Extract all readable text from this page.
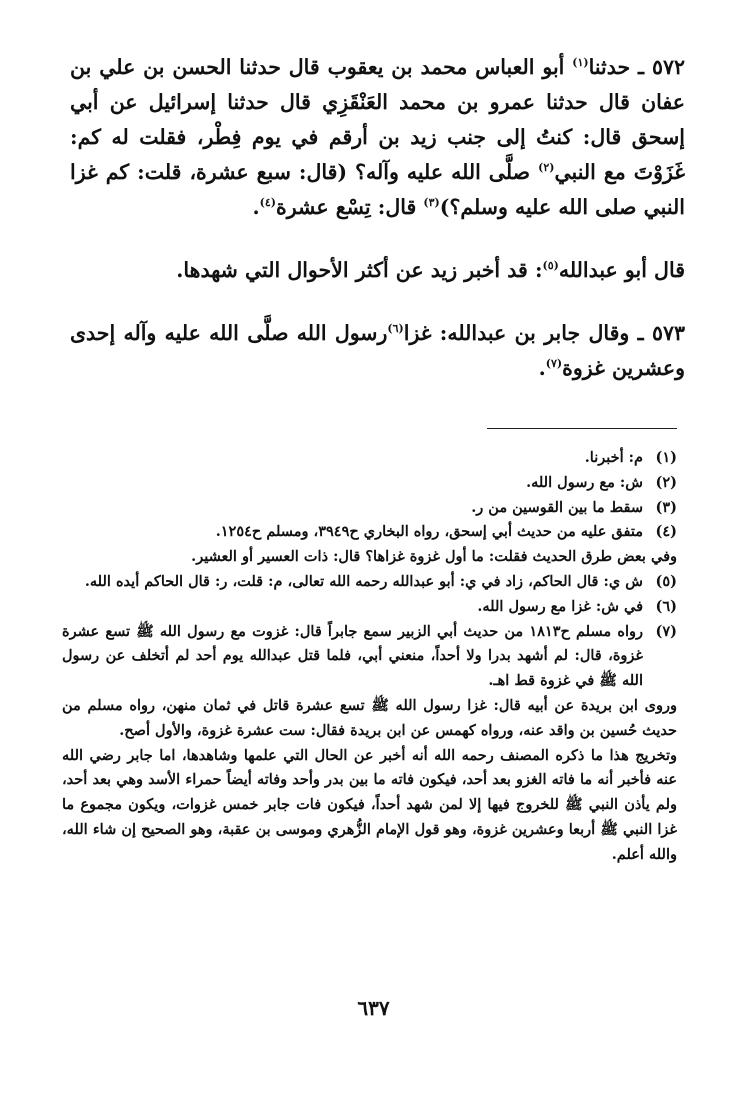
٥٧٢ ـ حدثنا$^{(١)}$ أبو العباس محمد بن يعقوب قال حدثنا الحسن بن علي بن عفان قال حدثنا عمرو بن محمد العَنْقَزِي قال حدثنا إسرائيل عن أبي إسحق قال: كنتُ إلى جنب زيد بن أرقم في يوم فِطْر، فقلت له كم: غَزَوْتَ مع النبي$^{(٢)}$ صلَّى الله عليه وآله؟ (قال: سبع عشرة، قلت: كم غزا النبي صلى الله عليه وسلم؟)$^{(٣)}$ قال: تِسْع عشرة$^{(٤)}$.

قال أبو عبدالله$^{(٥)}$: قد أخبر زيد عن أكثر الأحوال التي شهدها.

٥٧٣ ـ وقال جابر بن عبدالله: غزا$^{(٦)}$رسول الله صلَّى الله عليه وآله إحدى وعشرين غزوة$^{(٧)}$.

(١)
م: أخبرنا.
(٢)
ش: مع رسول الله.
(٣)
سقط ما بين القوسين من ر.
(٤)
متفق عليه من حديث أبي إسحق، رواه البخاري ح٣٩٤٩، ومسلم ح١٢٥٤.
وفي بعض طرق الحديث فقلت: ما أول غزوة غزاها؟ قال: ذات العسير أو العشير.
(٥)
ش ي: قال الحاكم، زاد في ي: أبو عبدالله رحمه الله تعالى، م: قلت، ر: قال الحاكم أيده الله.
(٦)
في ش: غزا مع رسول الله.
(٧)
رواه مسلم ح١٨١٣ من حديث أبي الزبير سمع جابراً قال: غزوت مع رسول الله ﷺ تسع عشرة غزوة، قال: لم أشهد بدرا ولا أحداً، منعني أبي، فلما قتل عبدالله يوم أحد لم أتخلف عن رسول الله ﷺ في غزوة قط اهـ.
وروى ابن بريدة عن أبيه قال: غزا رسول الله ﷺ تسع عشرة قاتل في ثمان منهن، رواه مسلم من حديث حُسين بن واقد عنه، ورواه كهمس عن ابن بريدة فقال: ست عشرة غزوة، والأول أصح.
وتخريج هذا ما ذكره المصنف رحمه الله أنه أخبر عن الحال التي علمها وشاهدها، اما جابر رضي الله عنه فأخبر أنه ما فاته الغزو بعد أحد، فيكون فاته ما بين بدر وأحد وفاته أيضاً حمراء الأسد وهي بعد أحد، ولم يأذن النبي ﷺ للخروج فيها إلا لمن شهد أحداً، فيكون فات جابر خمس غزوات، ويكون مجموع ما غزا النبي ﷺ أربعا وعشرين غزوة، وهو قول الإمام الزُّهري وموسى بن عقبة، وهو الصحيح إن شاء الله، والله أعلم.
٦٣٧
